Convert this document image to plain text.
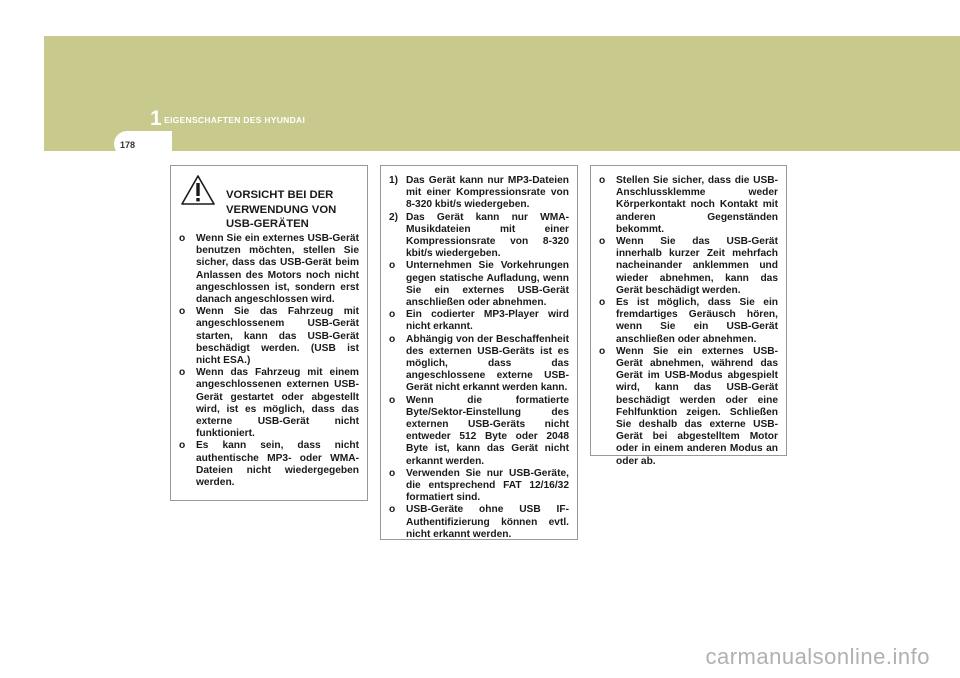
1 EIGENSCHAFTEN DES HYUNDAI
178
VORSICHT BEI DER VERWENDUNG VON USB-GERÄTEN
o Wenn Sie ein externes USB-Gerät benutzen möchten, stellen Sie sicher, dass das USB-Gerät beim Anlassen des Motors noch nicht angeschlossen ist, sondern erst danach angeschlossen wird.
o Wenn Sie das Fahrzeug mit angeschlossenem USB-Gerät starten, kann das USB-Gerät beschädigt werden. (USB ist nicht ESA.)
o Wenn das Fahrzeug mit einem angeschlossenen externen USB-Gerät gestartet oder abgestellt wird, ist es möglich, dass das externe USB-Gerät nicht funktioniert.
o Es kann sein, dass nicht authentische MP3- oder WMA-Dateien nicht wiedergegeben werden.
1) Das Gerät kann nur MP3-Dateien mit einer Kompressionsrate von 8-320 kbit/s wiedergeben.
2) Das Gerät kann nur WMA-Musikdateien mit einer Kompressionsrate von 8-320 kbit/s wiedergeben.
o Unternehmen Sie Vorkehrungen gegen statische Aufladung, wenn Sie ein externes USB-Gerät anschließen oder abnehmen.
o Ein codierter MP3-Player wird nicht erkannt.
o Abhängig von der Beschaffenheit des externen USB-Geräts ist es möglich, dass das angeschlossene externe USB-Gerät nicht erkannt werden kann.
o Wenn die formatierte Byte/Sektor-Einstellung des externen USB-Geräts nicht entweder 512 Byte oder 2048 Byte ist, kann das Gerät nicht erkannt werden.
o Verwenden Sie nur USB-Geräte, die entsprechend FAT 12/16/32 formatiert sind.
o USB-Geräte ohne USB IF-Authentifizierung können evtl. nicht erkannt werden.
o Stellen Sie sicher, dass die USB-Anschlussklemme weder Körperkontakt noch Kontakt mit anderen Gegenständen bekommt.
o Wenn Sie das USB-Gerät innerhalb kurzer Zeit mehrfach nacheinander anklemmen und wieder abnehmen, kann das Gerät beschädigt werden.
o Es ist möglich, dass Sie ein fremdartiges Geräusch hören, wenn Sie ein USB-Gerät anschließen oder abnehmen.
o Wenn Sie ein externes USB-Gerät abnehmen, während das Gerät im USB-Modus abgespielt wird, kann das USB-Gerät beschädigt werden oder eine Fehlfunktion zeigen. Schließen Sie deshalb das externe USB-Gerät bei abgestelltem Motor oder in einem anderen Modus an oder ab.
carmanualsonline.info
